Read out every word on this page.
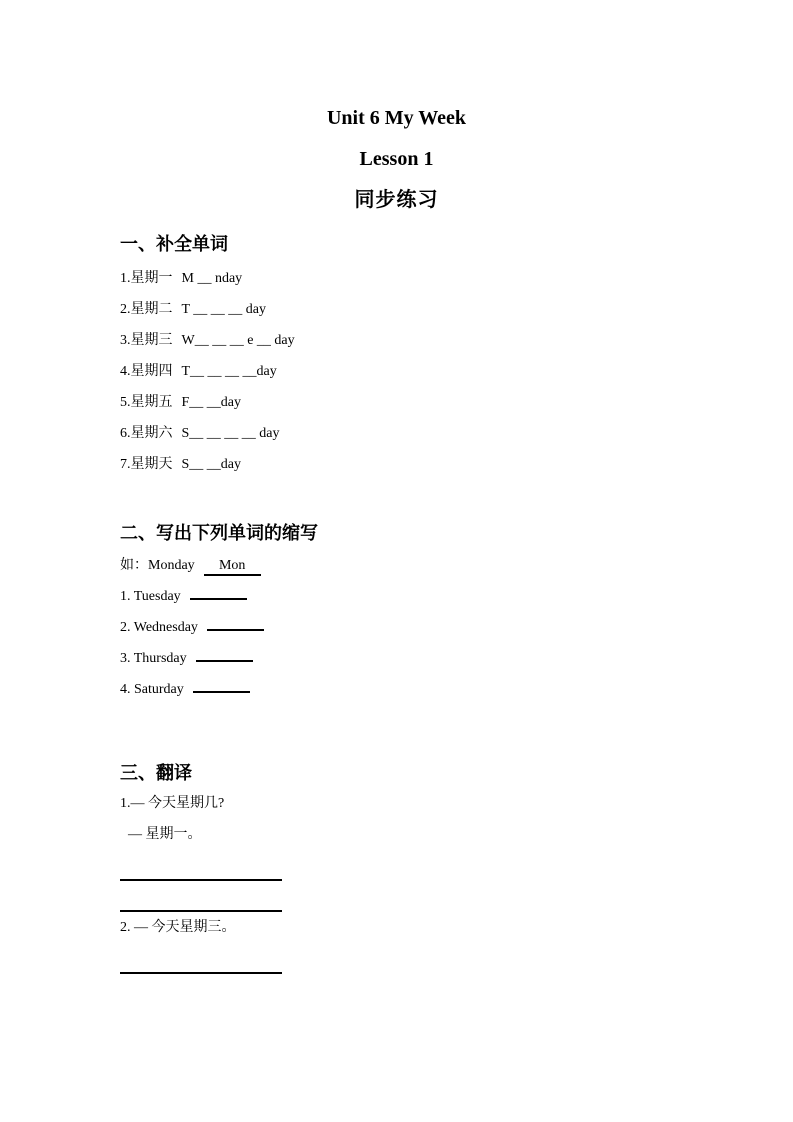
Unit 6 My Week
Lesson 1
同步练习
一、补全单词
1.星期一 M __ nday
2.星期二 T __ __ __ day
3.星期三 W__ __ __ e __ day
4.星期四 T__ __ __ __day
5.星期五 F__ __day
6.星期六 S__ __ __ __ day
7.星期天 S__ __day
二、写出下列单词的缩写
如：Monday Mon
1. Tuesday
2. Wednesday
3. Thursday
4. Saturday
三、翻译
1.— 今天星期几?
— 星期一。
2. — 今天星期三。
